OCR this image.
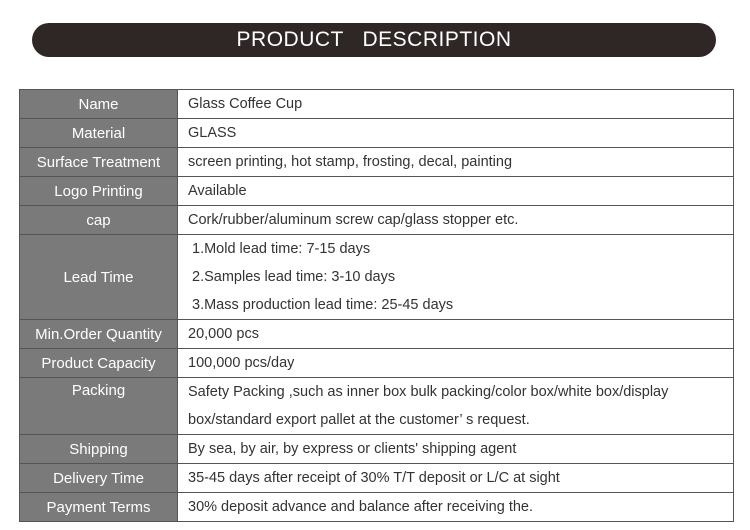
PRODUCT   DESCRIPTION
Name	Glass Coffee Cup

Material	GLASS

Surface Treatment	screen printing, hot stamp, frosting, decal, painting

Logo Printing	Available

cap	Cork/rubber/aluminum screw cap/glass stopper etc.

Lead Time	1.Mold lead time: 7-15 days
2.Samples lead time: 3-10 days
3.Mass production lead time: 25-45 days

Min.Order Quantity	20,000 pcs

Product Capacity	100,000 pcs/day

Packing	Safety Packing ,such as inner box bulk packing/color box/white box/display
box/standard export pallet at the customer’ s request.

Shipping	By sea, by air, by express or clients' shipping agent

Delivery Time	35-45 days after receipt of 30% T/T deposit or L/C at sight

Payment Terms	30% deposit advance and balance after receiving the.
